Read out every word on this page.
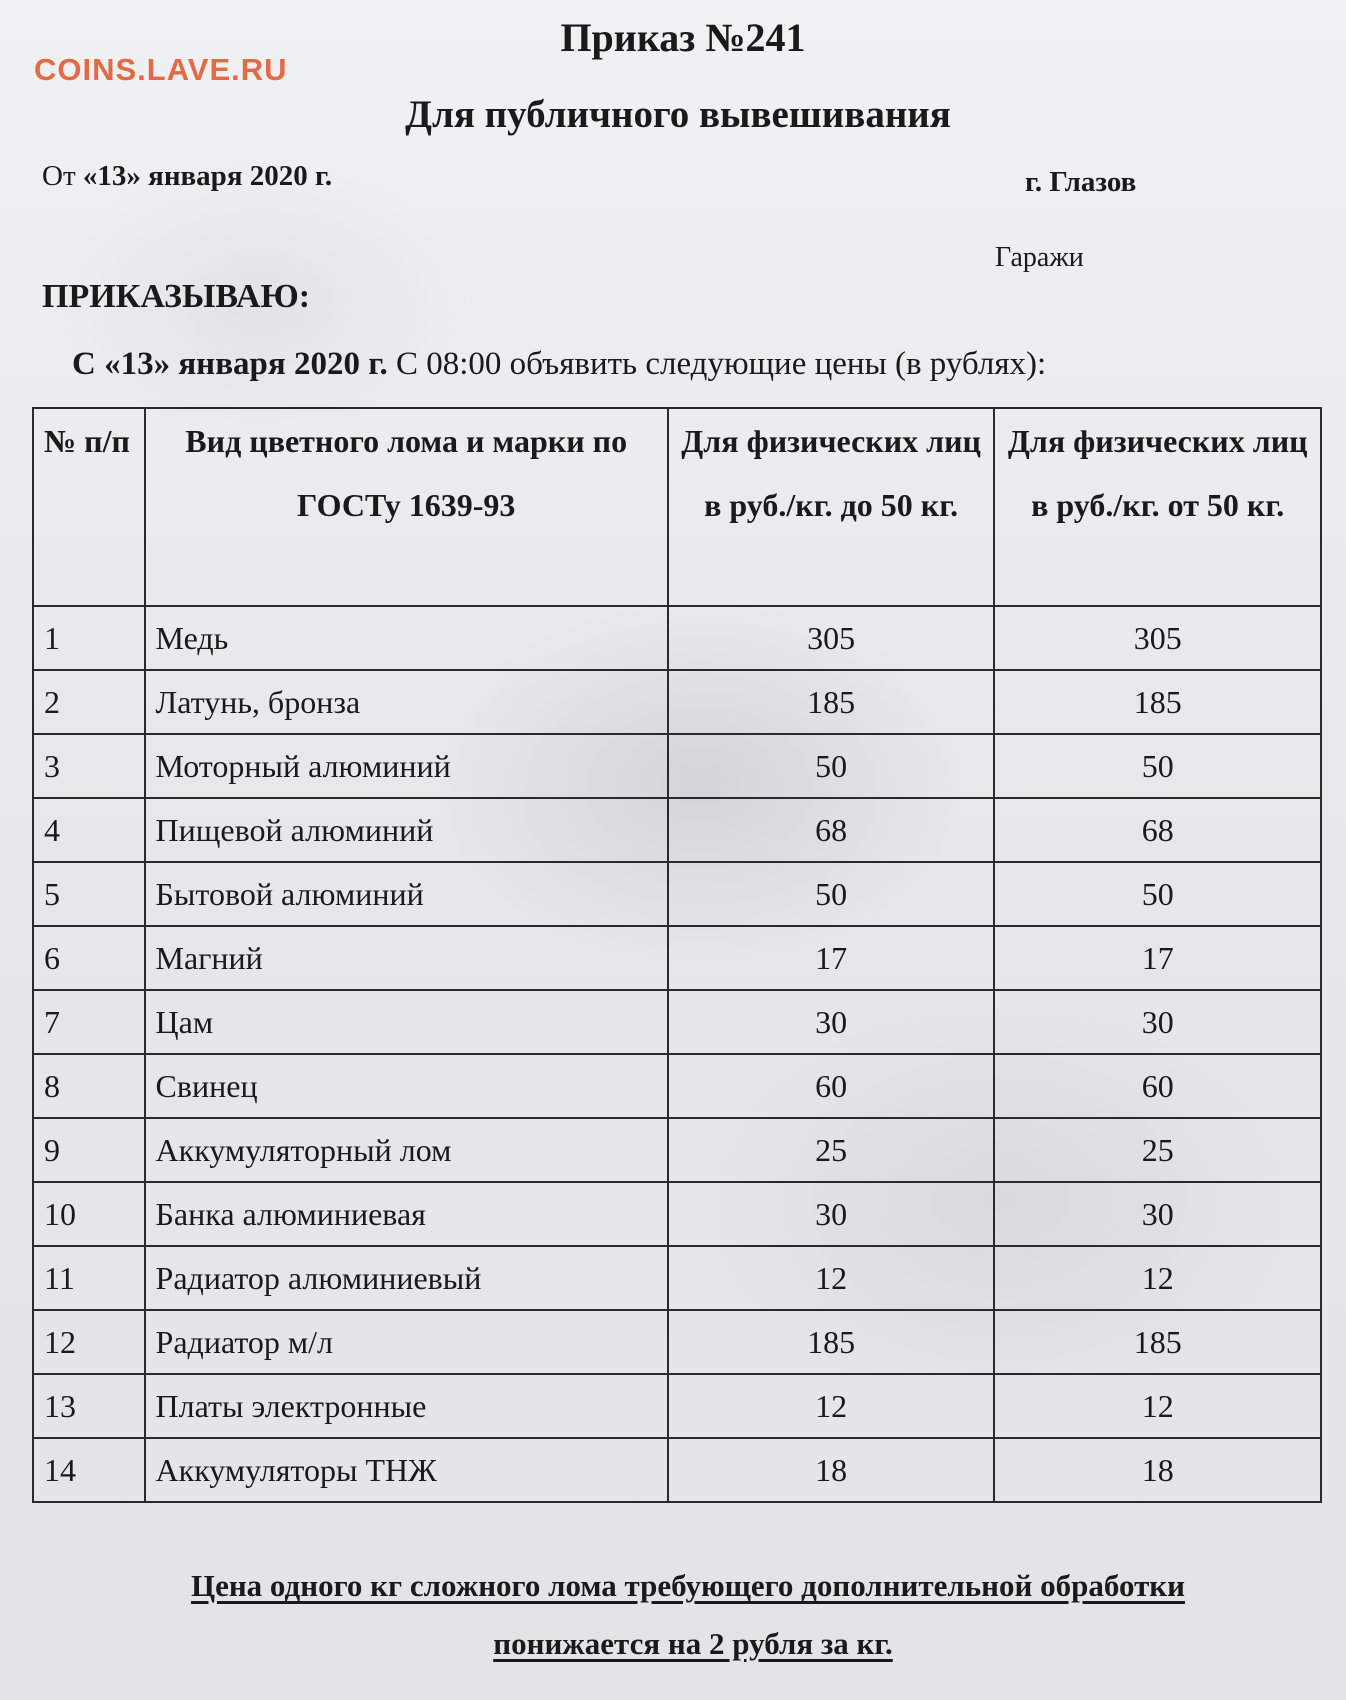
COINS.LAVE.RU
Приказ №241
Для публичного вывешивания
От «13» января 2020 г.	г. Глазов
Гаражи
ПРИКАЗЫВАЮ:
С «13» января 2020 г. С 08:00 объявить следующие цены (в рублях):
№ п/п	Вид цветного лома и марки по ГОСТу 1639-93	Для физических лиц в руб./кг. до 50 кг.	Для физических лиц в руб./кг. от 50 кг.
1	Медь	305	305
2	Латунь, бронза	185	185
3	Моторный алюминий	50	50
4	Пищевой алюминий	68	68
5	Бытовой алюминий	50	50
6	Магний	17	17
7	Цам	30	30
8	Свинец	60	60
9	Аккумуляторный лом	25	25
10	Банка алюминиевая	30	30
11	Радиатор алюминиевый	12	12
12	Радиатор м/л	185	185
13	Платы электронные	12	12
14	Аккумуляторы ТНЖ	18	18
Цена одного кг сложного лома требующего дополнительной обработки
понижается на 2 рубля за кг.
